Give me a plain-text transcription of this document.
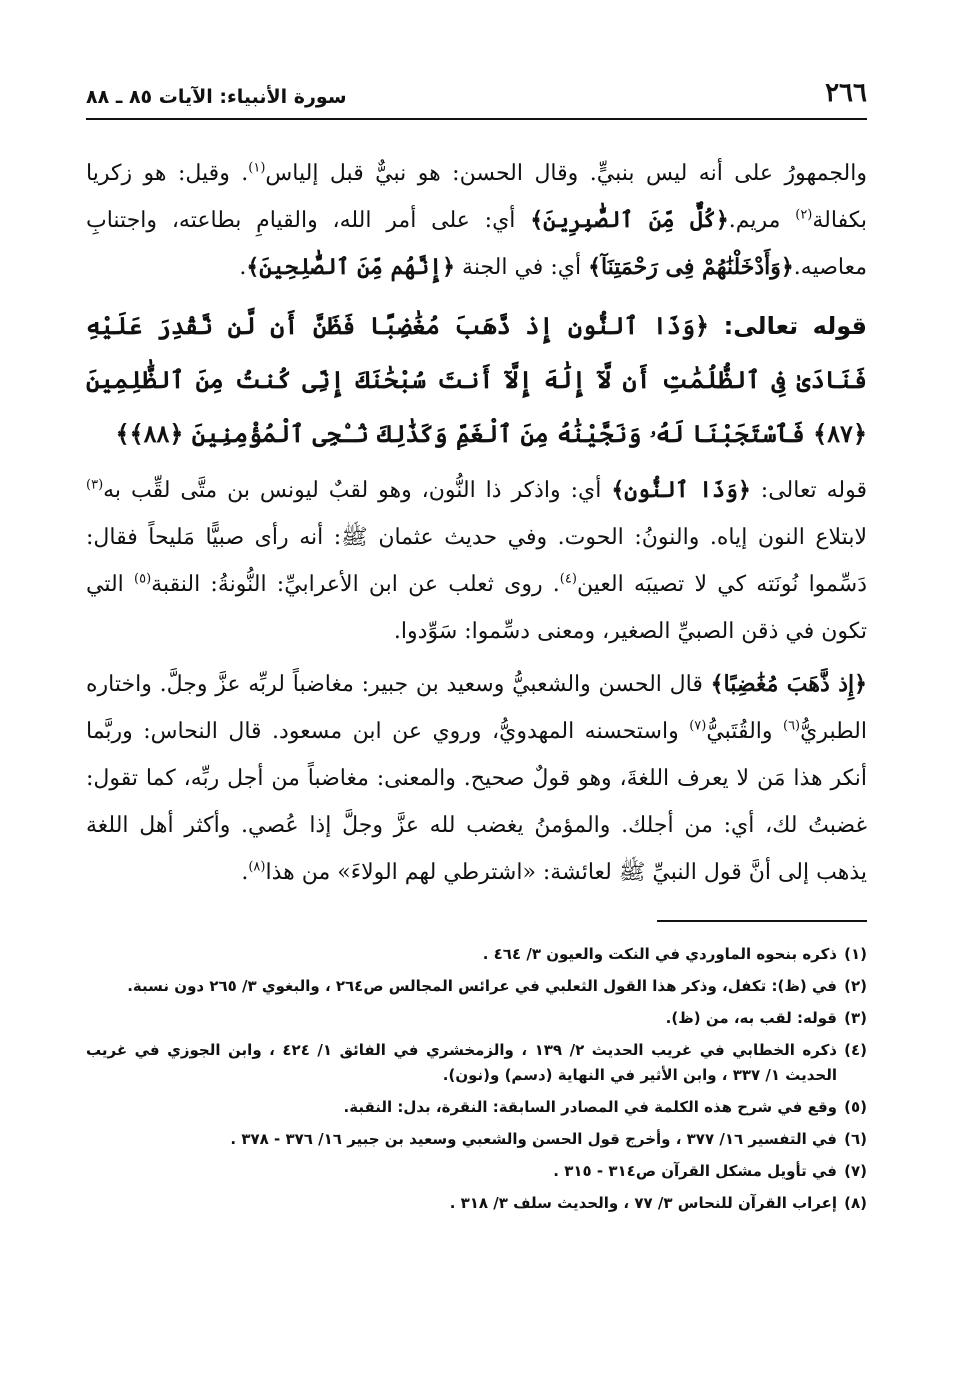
٢٦٦
سورة الأنبياء: الآيات ٨٥ ـ ٨٨

والجمهورُ على أنه ليس بنبيٍّ. وقال الحسن: هو نبيٌّ قبل إلياس$^{(١)}$. وقيل: هو زكريا بكفالة$^{(٢)}$ مريم.﴿كُلٌّ مِّنَ ٱلصَّٰبِرِينَ﴾ أي: على أمر الله، والقيامِ بطاعته، واجتنابِ معاصيه.﴿وَأَدْخَلْنَٰهُمْ فِى رَحْمَتِنَآ﴾ أي: في الجنة ﴿إِنَّهُم مِّنَ ٱلصَّٰلِحِينَ﴾.

قوله تعالى: ﴿وَذَا ٱلنُّونِ إِذ ذَّهَبَ مُغَٰضِبًا فَظَنَّ أَن لَّن نَّقْدِرَ عَلَيْهِ فَنَادَىٰ فِى ٱلظُّلُمَٰتِ أَن لَّآ إِلَٰهَ إِلَّآ أَنتَ سُبْحَٰنَكَ إِنِّى كُنتُ مِنَ ٱلظَّٰلِمِينَ ﴿٨٧﴾ فَٱسْتَجَبْنَا لَهُۥ وَنَجَّيْنَٰهُ مِنَ ٱلْغَمِّ وَكَذَٰلِكَ نُـۨجِى ٱلْمُؤْمِنِينَ ﴿٨٨﴾﴾

قوله تعالى: ﴿وَذَا ٱلنُّونِ﴾ أي: واذكر ذا النُّون، وهو لقبٌ ليونس بن متَّى لقِّب به$^{(٣)}$ لابتلاع النون إياه. والنونُ: الحوت. وفي حديث عثمان ﷺ: أنه رأى صبيًّا مَليحاً فقال: دَسِّموا نُونَته كي لا تصيبَه العين$^{(٤)}$. روى ثعلب عن ابن الأعرابيِّ: النُّونةُ: النقبة$^{(٥)}$ التي تكون في ذقن الصبيِّ الصغير، ومعنى دسِّموا: سَوِّدوا.

﴿إِذ ذَّهَبَ مُغَٰضِبًا﴾ قال الحسن والشعبيُّ وسعيد بن جبير: مغاضباً لربِّه عزَّ وجلَّ. واختاره الطبريُّ$^{(٦)}$ والقُتَبيُّ$^{(٧)}$ واستحسنه المهدويُّ، وروي عن ابن مسعود. قال النحاس: وربَّما أنكر هذا مَن لا يعرف اللغةَ، وهو قولٌ صحيح. والمعنى: مغاضباً من أجل ربِّه، كما تقول: غضبتُ لك، أي: من أجلك. والمؤمنُ يغضب لله عزَّ وجلَّ إذا عُصي. وأكثر أهل اللغة يذهب إلى أنَّ قول النبيِّ ﷺ لعائشة: «اشترطي لهم الولاءَ» من هذا$^{(٨)}$.

(١)
ذكره بنحوه الماوردي في النكت والعيون ٣/ ٤٦٤ .
(٢)
في (ظ): تكفل، وذكر هذا القول الثعلبي في عرائس المجالس ص٢٦٤ ، والبغوي ٣/ ٢٦٥ دون نسبة.
(٣)
قوله: لقب به، من (ظ).
(٤)
ذكره الخطابي في غريب الحديث ٢/ ١٣٩ ، والزمخشري في الفائق ١/ ٤٢٤ ، وابن الجوزي في غريب الحديث ١/ ٣٣٧ ، وابن الأثير في النهاية (دسم) و(نون).
(٥)
وقع في شرح هذه الكلمة في المصادر السابقة: النقرة، بدل: النقبة.
(٦)
في التفسير ١٦/ ٣٧٧ ، وأخرج قول الحسن والشعبي وسعيد بن جبير ١٦/ ٣٧٦ - ٣٧٨ .
(٧)
في تأويل مشكل القرآن ص٣١٤ - ٣١٥ .
(٨)
إعراب القرآن للنحاس ٣/ ٧٧ ، والحديث سلف ٣/ ٣١٨ .
